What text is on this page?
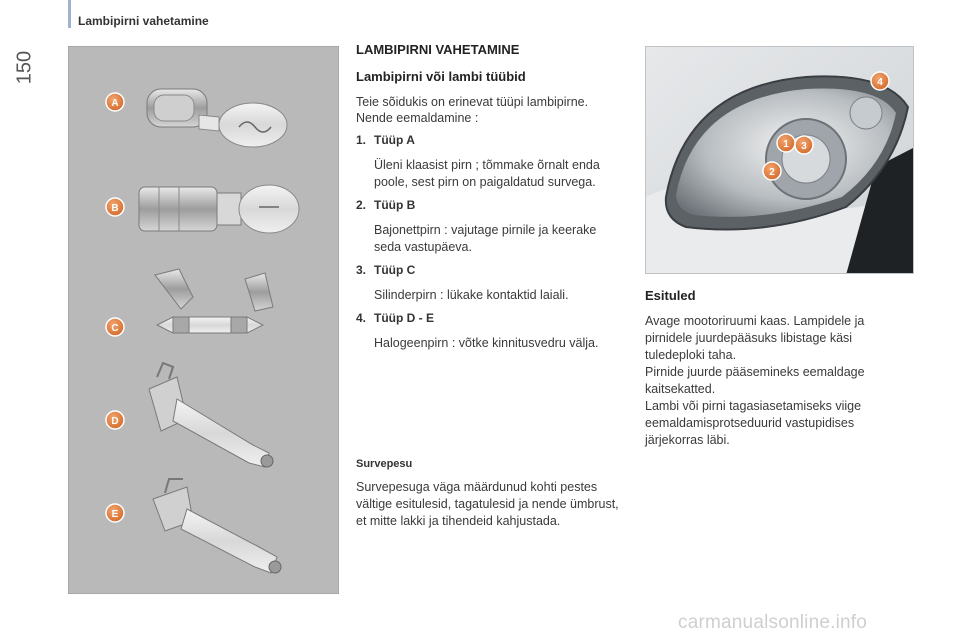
Lambipirni vahetamine
150
A
B
C
D
E
LAMBIPIRNI VAHETAMINE
Lambipirni või lambi tüübid
Teie sõidukis on erinevat tüüpi lambipirne. Nende eemaldamine :
1. Tüüp A
Üleni klaasist pirn ; tõmmake õrnalt enda poole, sest pirn on paigaldatud survega.
2. Tüüp B
Bajonettpirn : vajutage pirnile ja keerake seda vastupäeva.
3. Tüüp C
Silinderpirn : lükake kontaktid laiali.
4. Tüüp D - E
Halogeenpirn : võtke kinnitusvedru välja.
Survepesu
Survepesuga väga määrdunud kohti pestes vältige esitulesid, tagatulesid ja nende ümbrust, et mitte lakki ja tihendeid kahjustada.
1
2
3
4
Esituled
Avage mootoriruumi kaas. Lampidele ja pirnidele juurdepääsuks libistage käsi tuledeploki taha.
Pirnide juurde pääsemineks eemaldage kaitsekatted.
Lambi või pirni tagasiasetamiseks viige eemaldamisprotseduurid vastupidises järjekorras läbi.
carmanualsonline.info
